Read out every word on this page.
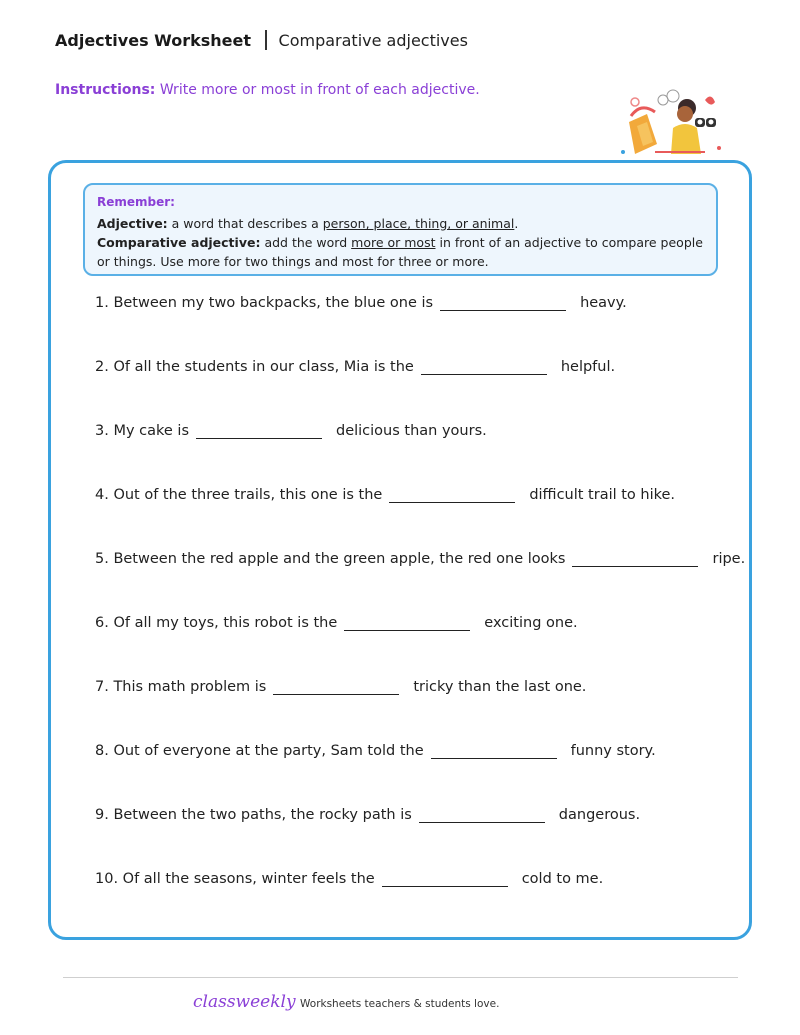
Adjectives Worksheet Comparative adjectives
Instructions: Write more or most in front of each adjective.
Remember:
Adjective: a word that describes a person, place, thing, or animal.
Comparative adjective: add the word more or most in front of an adjective to compare people or things. Use more for two things and most for three or more.
1. Between my two backpacks, the blue one is	heavy.
2. Of all the students in our class, Mia is the	helpful.
3. My cake is	delicious than yours.
4. Out of the three trails, this one is the	difficult trail to hike.
5. Between the red apple and the green apple, the red one looks	ripe.
6. Of all my toys, this robot is the	exciting one.
7. This math problem is	tricky than the last one.
8. Out of everyone at the party, Sam told the	funny story.
9. Between the two paths, the rocky path is	dangerous.
10. Of all the seasons, winter feels the	cold to me.
classweekly Worksheets teachers & students love.
